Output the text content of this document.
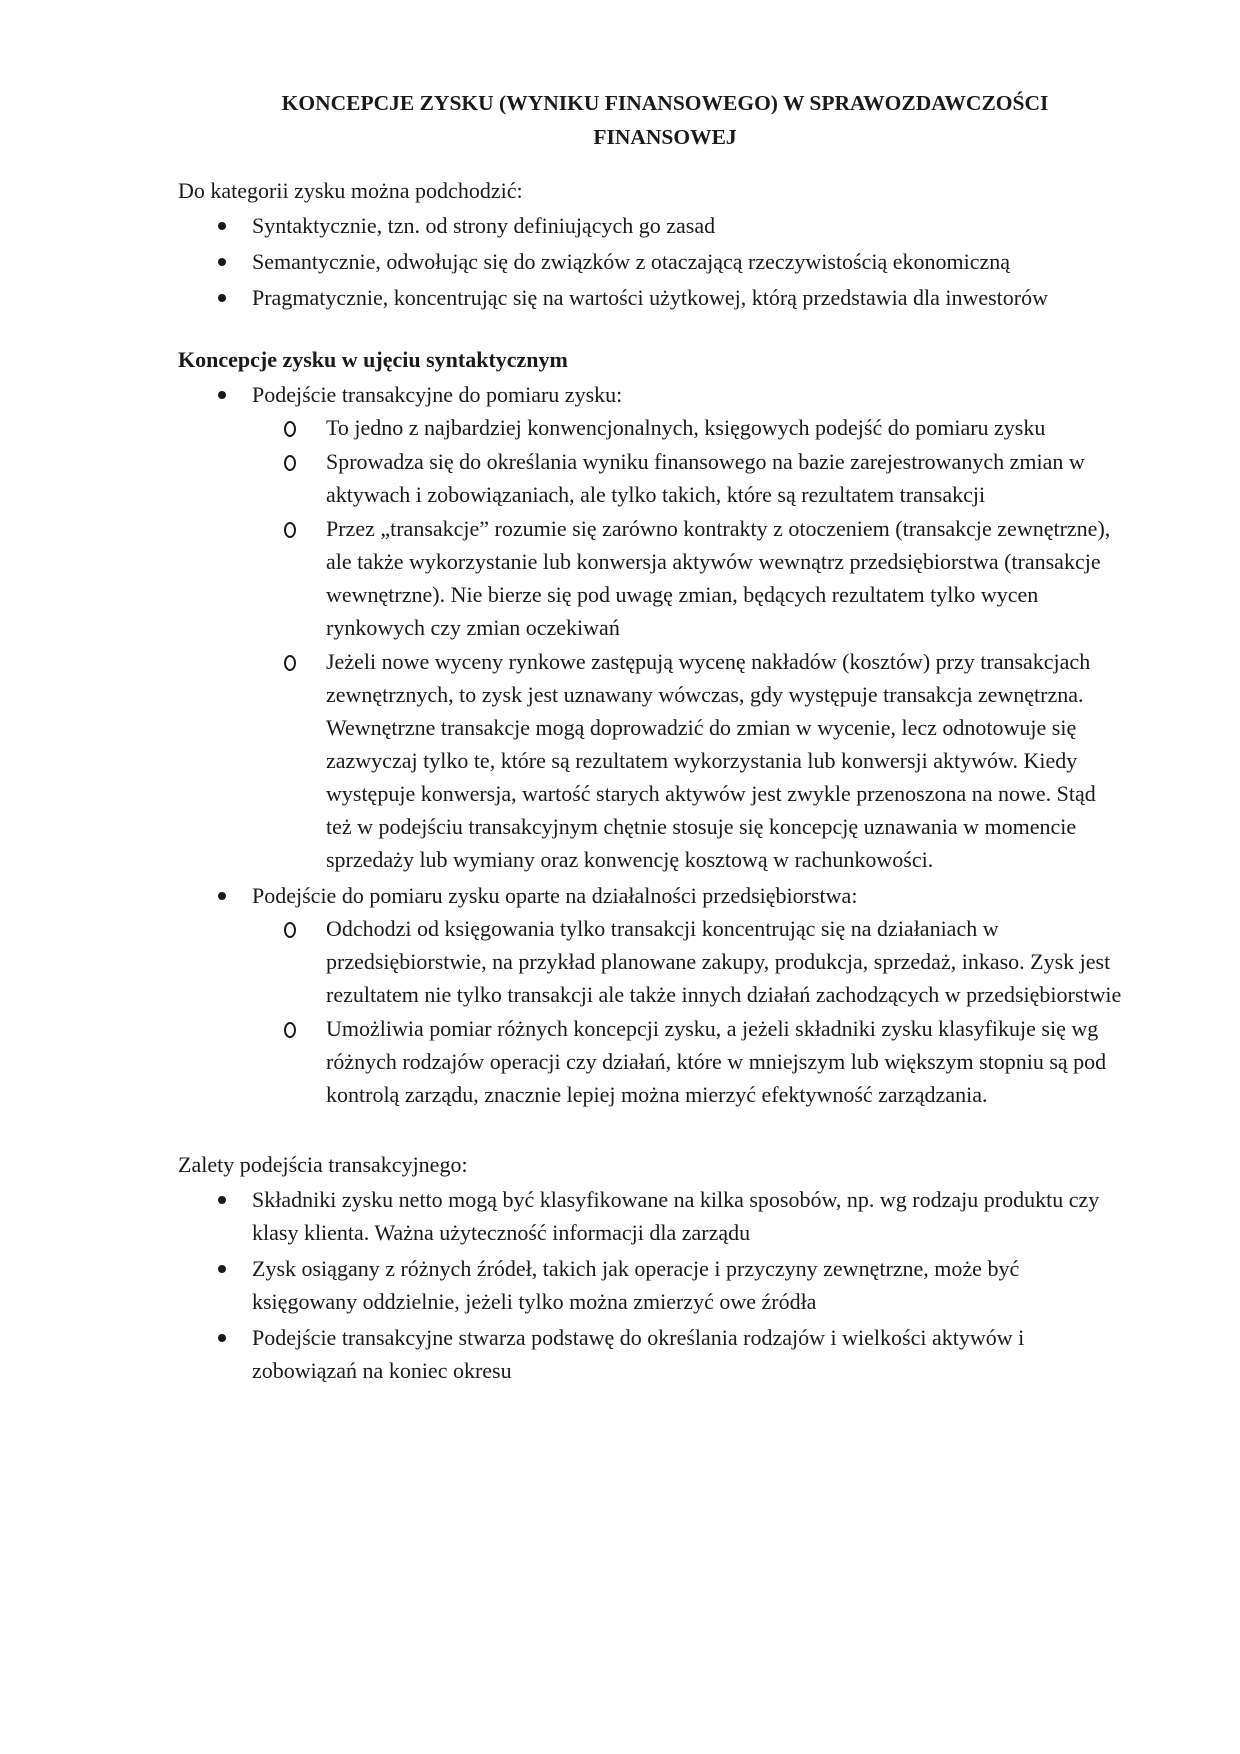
KONCEPCJE ZYSKU (WYNIKU FINANSOWEGO) W SPRAWOZDAWCZOŚCI
FINANSOWEJ

Do kategorii zysku można podchodzić:

Syntaktycznie, tzn. od strony definiujących go zasad
Semantycznie, odwołując się do związków z otaczającą rzeczywistością ekonomiczną
Pragmatycznie, koncentrując się na wartości użytkowej, którą przedstawia dla inwestorów

Koncepcje zysku w ujęciu syntaktycznym

Podejście transakcyjne do pomiaru zysku:
To jedno z najbardziej konwencjonalnych, księgowych podejść do pomiaru zysku
Sprowadza się do określania wyniku finansowego na bazie zarejestrowanych zmian w aktywach i zobowiązaniach, ale tylko takich, które są rezultatem transakcji
Przez „transakcje” rozumie się zarówno kontrakty z otoczeniem (transakcje zewnętrzne), ale także wykorzystanie lub konwersja aktywów wewnątrz przedsiębiorstwa (transakcje wewnętrzne). Nie bierze się pod uwagę zmian, będących rezultatem tylko wycen rynkowych czy zmian oczekiwań
Jeżeli nowe wyceny rynkowe zastępują wycenę nakładów (kosztów) przy transakcjach zewnętrznych, to zysk jest uznawany wówczas, gdy występuje transakcja zewnętrzna. Wewnętrzne transakcje mogą doprowadzić do zmian w wycenie, lecz odnotowuje się zazwyczaj tylko te, które są rezultatem wykorzystania lub konwersji aktywów. Kiedy występuje konwersja, wartość starych aktywów jest zwykle przenoszona na nowe. Stąd też w podejściu transakcyjnym chętnie stosuje się koncepcję uznawania w momencie sprzedaży lub wymiany oraz konwencję kosztową w rachunkowości.
Podejście do pomiaru zysku oparte na działalności przedsiębiorstwa:
Odchodzi od księgowania tylko transakcji koncentrując się na działaniach w przedsiębiorstwie, na przykład planowane zakupy, produkcja, sprzedaż, inkaso. Zysk jest rezultatem nie tylko transakcji ale także innych działań zachodzących w przedsiębiorstwie
Umożliwia pomiar różnych koncepcji zysku, a jeżeli składniki zysku klasyfikuje się wg różnych rodzajów operacji czy działań, które w mniejszym lub większym stopniu są pod kontrolą zarządu, znacznie lepiej można mierzyć efektywność zarządzania.

Zalety podejścia transakcyjnego:

Składniki zysku netto mogą być klasyfikowane na kilka sposobów, np. wg rodzaju produktu czy klasy klienta. Ważna użyteczność informacji dla zarządu
Zysk osiągany z różnych źródeł, takich jak operacje i przyczyny zewnętrzne, może być księgowany oddzielnie, jeżeli tylko można zmierzyć owe źródła
Podejście transakcyjne stwarza podstawę do określania rodzajów i wielkości aktywów i zobowiązań na koniec okresu
